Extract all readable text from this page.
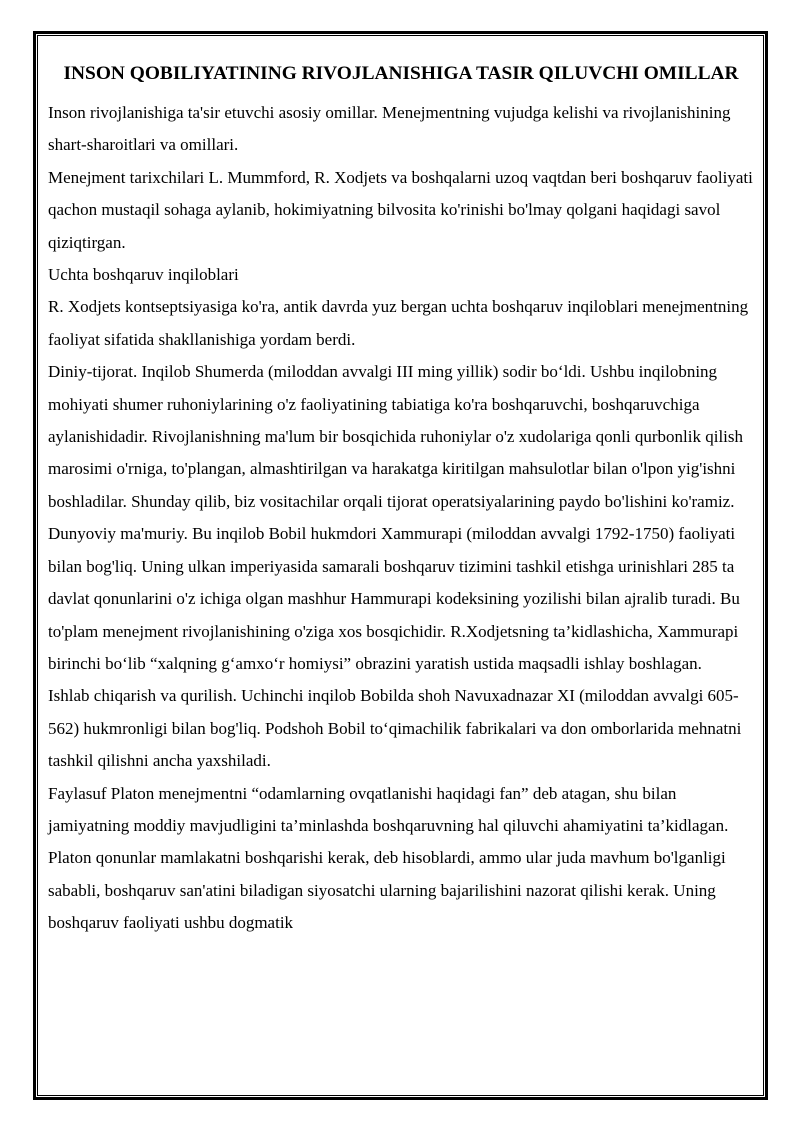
INSON QOBILIYATINING RIVOJLANISHIGA TASIR QILUVCHI OMILLAR

Inson rivojlanishiga ta'sir etuvchi asosiy omillar. Menejmentning vujudga kelishi va rivojlanishining shart-sharoitlari va omillari.

Menejment tarixchilari L. Mummford, R. Xodjets va boshqalarni uzoq vaqtdan beri boshqaruv faoliyati qachon mustaqil sohaga aylanib, hokimiyatning bilvosita ko'rinishi bo'lmay qolgani haqidagi savol qiziqtirgan.

Uchta boshqaruv inqiloblari

R. Xodjets kontseptsiyasiga ko'ra, antik davrda yuz bergan uchta boshqaruv inqiloblari menejmentning faoliyat sifatida shakllanishiga yordam berdi.

Diniy-tijorat. Inqilob Shumerda (miloddan avvalgi III ming yillik) sodir bo‘ldi. Ushbu inqilobning mohiyati shumer ruhoniylarining o'z faoliyatining tabiatiga ko'ra boshqaruvchi, boshqaruvchiga aylanishidadir. Rivojlanishning ma'lum bir bosqichida ruhoniylar o'z xudolariga qonli qurbonlik qilish marosimi o'rniga, to'plangan, almashtirilgan va harakatga kiritilgan mahsulotlar bilan o'lpon yig'ishni boshladilar. Shunday qilib, biz vositachilar orqali tijorat operatsiyalarining paydo bo'lishini ko'ramiz.

Dunyoviy ma'muriy. Bu inqilob Bobil hukmdori Xammurapi (miloddan avvalgi 1792-1750) faoliyati bilan bog'liq. Uning ulkan imperiyasida samarali boshqaruv tizimini tashkil etishga urinishlari 285 ta davlat qonunlarini o'z ichiga olgan mashhur Hammurapi kodeksining yozilishi bilan ajralib turadi. Bu to'plam menejment rivojlanishining o'ziga xos bosqichidir. R.Xodjetsning ta’kidlashicha, Xammurapi birinchi bo‘lib “xalqning g‘amxo‘r homiysi” obrazini yaratish ustida maqsadli ishlay boshlagan.

Ishlab chiqarish va qurilish. Uchinchi inqilob Bobilda shoh Navuxadnazar XI (miloddan avvalgi 605-562) hukmronligi bilan bog'liq. Podshoh Bobil to‘qimachilik fabrikalari va don omborlarida mehnatni tashkil qilishni ancha yaxshiladi.

Faylasuf Platon menejmentni “odamlarning ovqatlanishi haqidagi fan” deb atagan, shu bilan jamiyatning moddiy mavjudligini ta’minlashda boshqaruvning hal qiluvchi ahamiyatini ta’kidlagan. Platon qonunlar mamlakatni boshqarishi kerak, deb hisoblardi, ammo ular juda mavhum bo'lganligi sababli, boshqaruv san'atini biladigan siyosatchi ularning bajarilishini nazorat qilishi kerak. Uning boshqaruv faoliyati ushbu dogmatik
